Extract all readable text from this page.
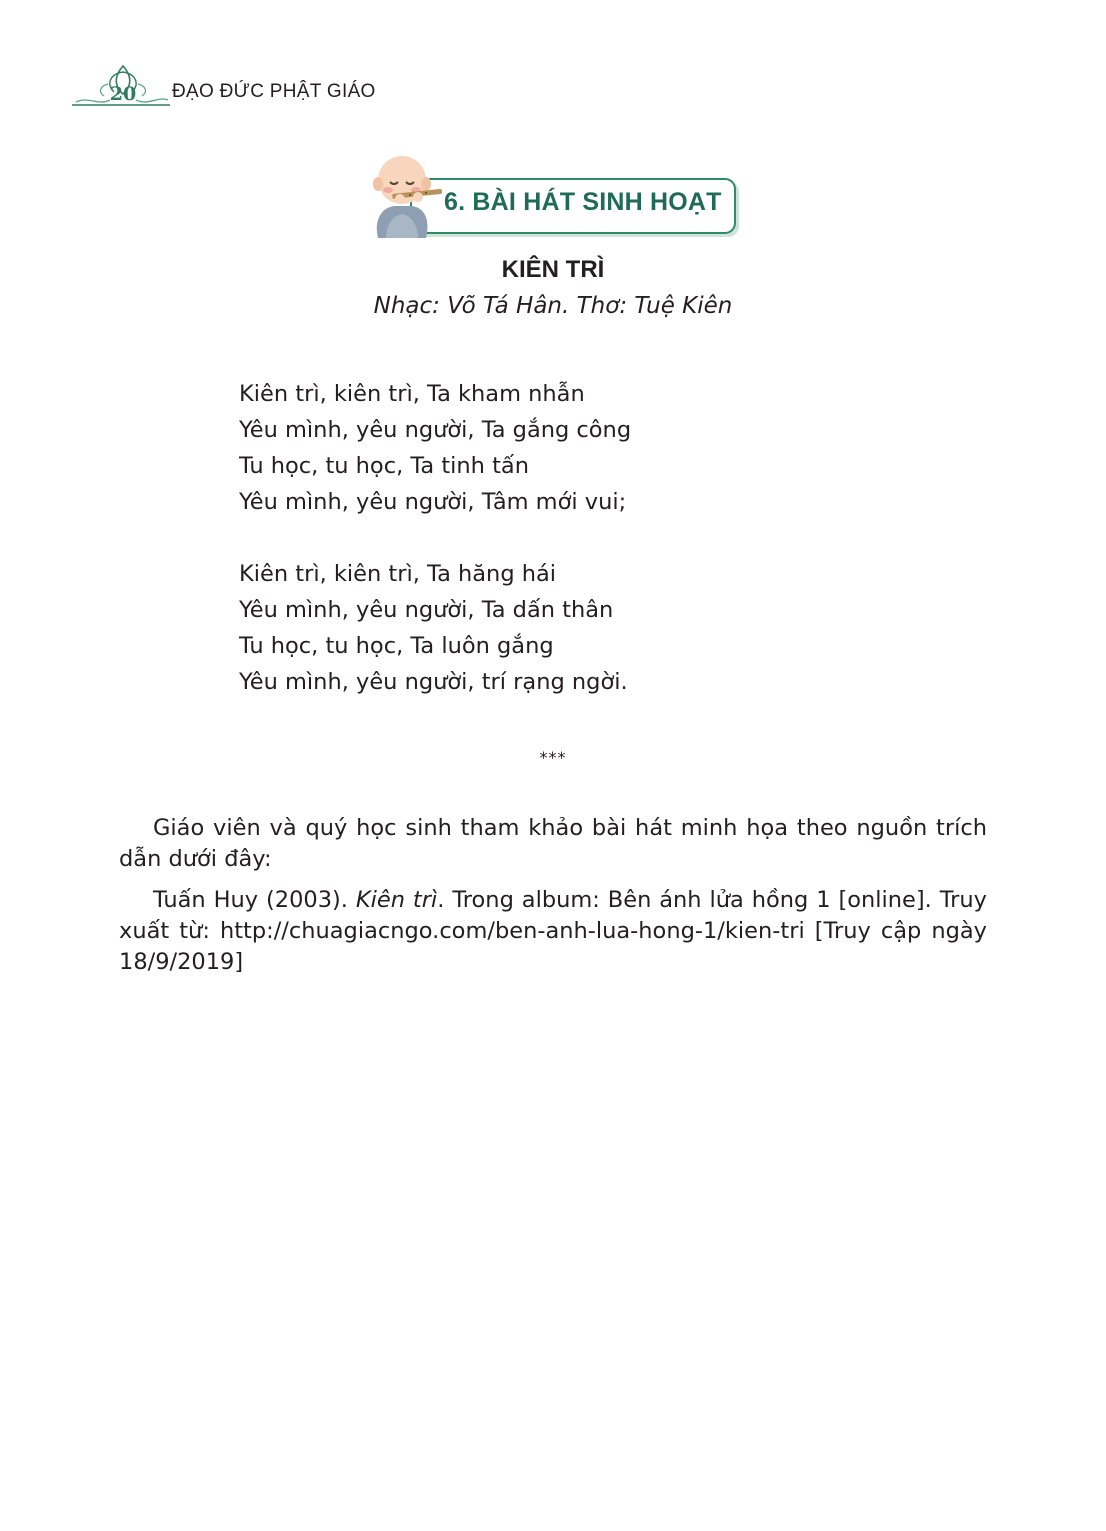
20 ĐẠO ĐỨC PHẬT GIÁO
6. BÀI HÁT SINH HOẠT
KIÊN TRÌ
Nhạc: Võ Tá Hân. Thơ: Tuệ Kiên
Kiên trì, kiên trì, Ta kham nhẫn
Yêu mình, yêu người, Ta gắng công
Tu học, tu học, Ta tinh tấn
Yêu mình, yêu người, Tâm mới vui;
Kiên trì, kiên trì, Ta hăng hái
Yêu mình, yêu người, Ta dấn thân
Tu học, tu học, Ta luôn gắng
Yêu mình, yêu người, trí rạng ngời.
***

Giáo viên và quý học sinh tham khảo bài hát minh họa theo nguồn trích dẫn dưới đây:

Tuấn Huy (2003). Kiên trì. Trong album: Bên ánh lửa hồng 1 [online]. Truy xuất từ: http://chuagiacngo.com/ben-anh-lua-hong-1/kien-tri [Truy cập ngày 18/9/2019]
